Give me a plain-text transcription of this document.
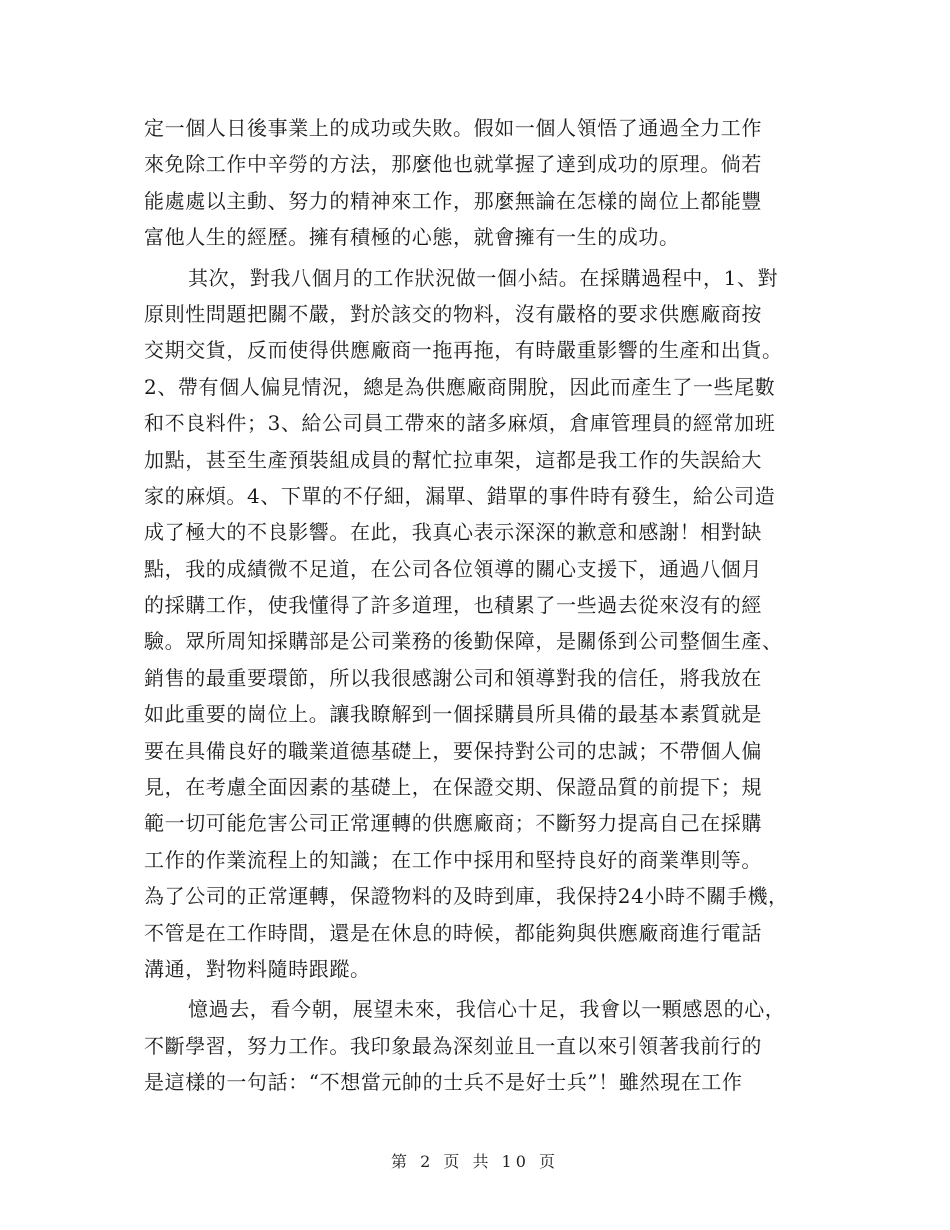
定一個人日後事業上的成功或失敗。假如一個人領悟了通過全力工作
來免除工作中辛勞的方法，那麼他也就掌握了達到成功的原理。倘若
能處處以主動、努力的精神來工作，那麼無論在怎樣的崗位上都能豐
富他人生的經歷。擁有積極的心態，就會擁有一生的成功。
其次，對我八個月的工作狀況做一個小結。在採購過程中，1、對
原則性問題把關不嚴，對於該交的物料，沒有嚴格的要求供應廠商按
交期交貨，反而使得供應廠商一拖再拖，有時嚴重影響的生產和出貨。
2、帶有個人偏見情況，總是為供應廠商開脫，因此而產生了一些尾數
和不良料件；3、給公司員工帶來的諸多麻煩，倉庫管理員的經常加班
加點，甚至生產預裝組成員的幫忙拉車架，這都是我工作的失誤給大
家的麻煩。4、下單的不仔細，漏單、錯單的事件時有發生，給公司造
成了極大的不良影響。在此，我真心表示深深的歉意和感謝！相對缺
點，我的成績微不足道，在公司各位領導的關心支援下，通過八個月
的採購工作，使我懂得了許多道理，也積累了一些過去從來沒有的經
驗。眾所周知採購部是公司業務的後勤保障，是關係到公司整個生產、
銷售的最重要環節，所以我很感謝公司和領導對我的信任，將我放在
如此重要的崗位上。讓我瞭解到一個採購員所具備的最基本素質就是
要在具備良好的職業道德基礎上，要保持對公司的忠誠；不帶個人偏
見，在考慮全面因素的基礎上，在保證交期、保證品質的前提下；規
範一切可能危害公司正常運轉的供應廠商；不斷努力提高自己在採購
工作的作業流程上的知識；在工作中採用和堅持良好的商業準則等。
為了公司的正常運轉，保證物料的及時到庫，我保持24小時不關手機，
不管是在工作時間，還是在休息的時候，都能夠與供應廠商進行電話
溝通，對物料隨時跟蹤。
憶過去，看今朝，展望未來，我信心十足，我會以一顆感恩的心，
不斷學習，努力工作。我印象最為深刻並且一直以來引領著我前行的
是這樣的一句話：“不想當元帥的士兵不是好士兵”！雖然現在工作
第 2 页 共 10 页
